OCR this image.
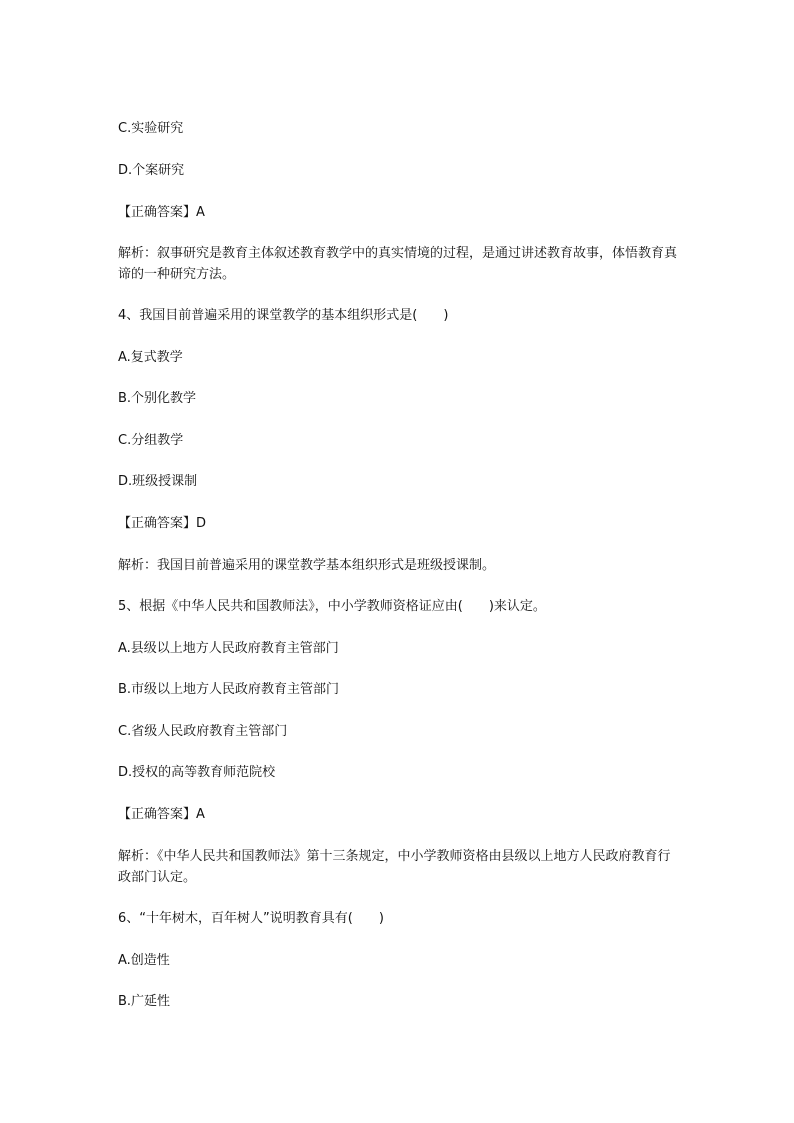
C.实验研究
D.个案研究
【正确答案】A
解析：叙事研究是教育主体叙述教育教学中的真实情境的过程，是通过讲述教育故事，体悟教育真谛的一种研究方法。
4、我国目前普遍采用的课堂教学的基本组织形式是(　　)
A.复式教学
B.个别化教学
C.分组教学
D.班级授课制
【正确答案】D
解析：我国目前普遍采用的课堂教学基本组织形式是班级授课制。
5、根据《中华人民共和国教师法》，中小学教师资格证应由(　　)来认定。
A.县级以上地方人民政府教育主管部门
B.市级以上地方人民政府教育主管部门
C.省级人民政府教育主管部门
D.授权的高等教育师范院校
【正确答案】A
解析：《中华人民共和国教师法》第十三条规定，中小学教师资格由县级以上地方人民政府教育行政部门认定。
6、“十年树木，百年树人”说明教育具有(　　)
A.创造性
B.广延性
